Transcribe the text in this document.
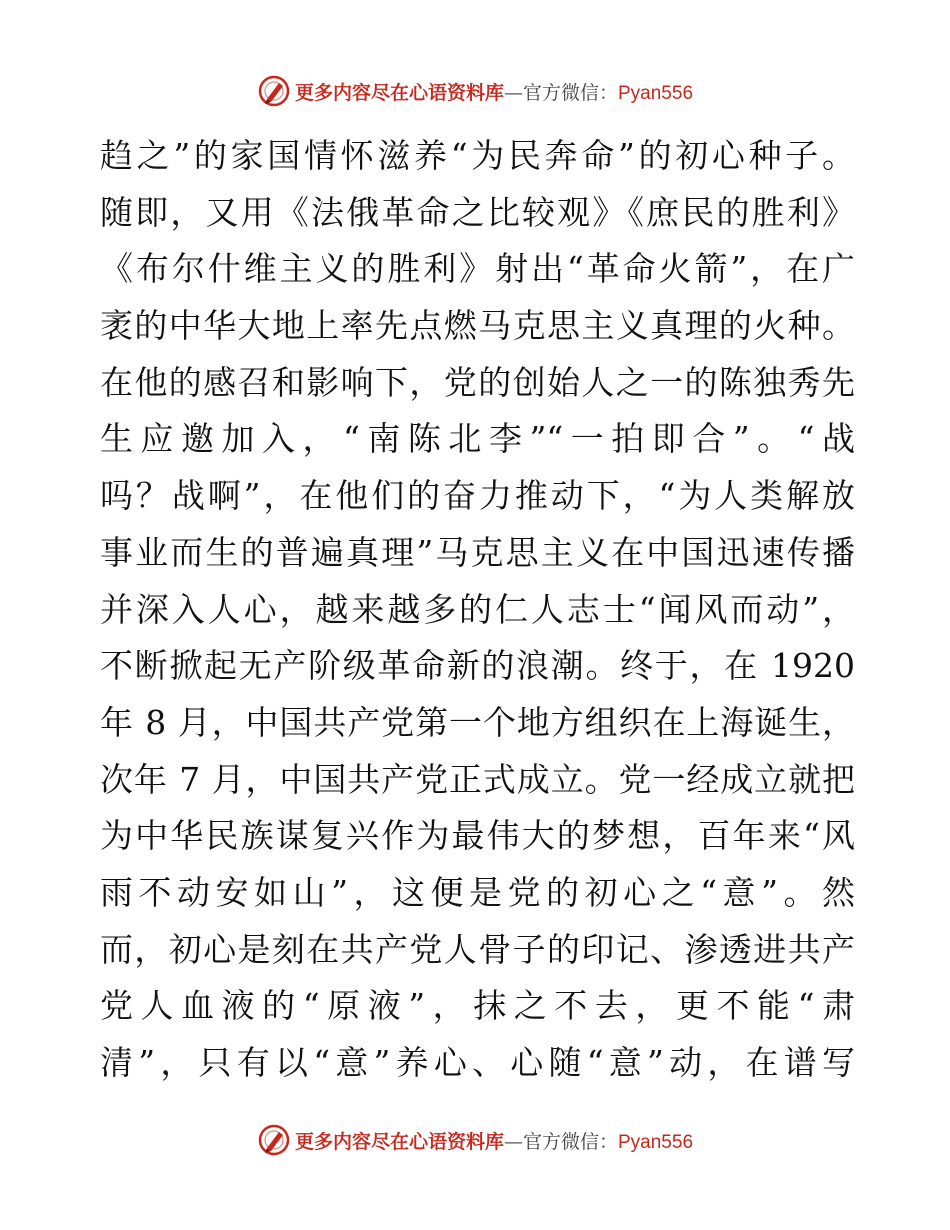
更多内容尽在心语资料库—官方微信：Pyan556
趋之”的家国情怀滋养“为民奔命”的初心种子。
随即，又用《法俄革命之比较观》《庶民的胜利》
《布尔什维主义的胜利》射出“革命火箭”，在广
袤的中华大地上率先点燃马克思主义真理的火种。
在他的感召和影响下，党的创始人之一的陈独秀先
生应邀加入，“南陈北李”“一拍即合”。“战
吗？战啊”，在他们的奋力推动下，“为人类解放
事业而生的普遍真理”马克思主义在中国迅速传播
并深入人心，越来越多的仁人志士“闻风而动”，
不断掀起无产阶级革命新的浪潮。终于，在 1920
年 8 月，中国共产党第一个地方组织在上海诞生，
次年 7 月，中国共产党正式成立。党一经成立就把
为中华民族谋复兴作为最伟大的梦想，百年来“风
雨不动安如山”，这便是党的初心之“意”。然
而，初心是刻在共产党人骨子的印记、渗透进共产
党人血液的“原液”，抹之不去，更不能“肃
清”，只有以“意”养心、心随“意”动，在谱写
更多内容尽在心语资料库—官方微信：Pyan556
